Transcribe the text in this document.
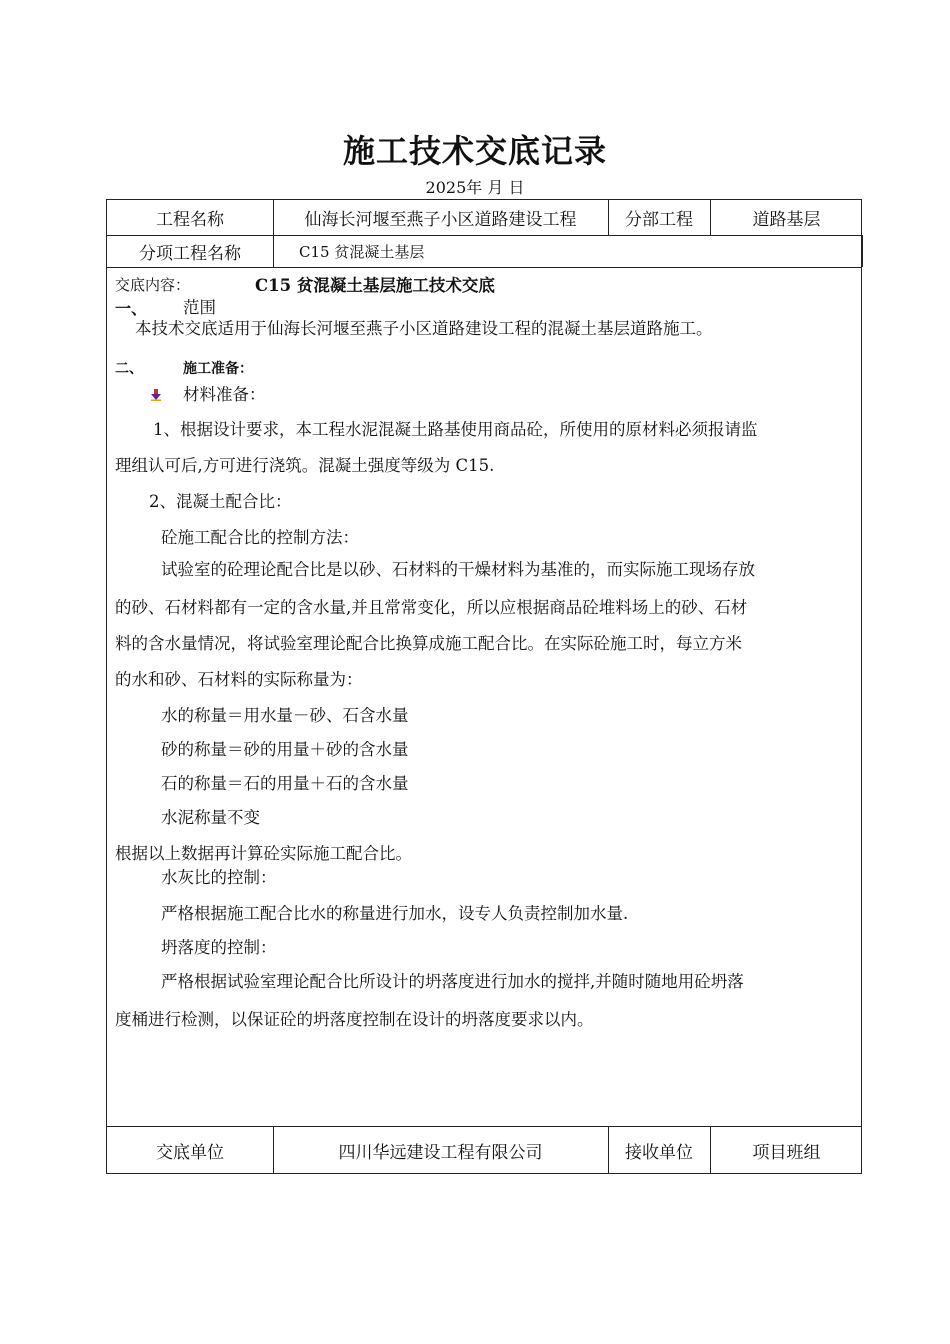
施工技术交底记录
2025年 月 日
工程名称	仙海长河堰至燕子小区道路建设工程	分部工程	道路基层
分项工程名称	C15 贫混凝土基层
交底内容：	C15 贫混凝土基层施工技术交底
一、 范围
本技术交底适用于仙海长河堰至燕子小区道路建设工程的混凝土基层道路施工。
二、	施工准备：
材料准备：
1、根据设计要求，本工程水泥混凝土路基使用商品砼，所使用的原材料必须报请监
理组认可后,方可进行浇筑。混凝土强度等级为 C15.
2、混凝土配合比：
砼施工配合比的控制方法：
试验室的砼理论配合比是以砂、石材料的干燥材料为基准的，而实际施工现场存放
的砂、石材料都有一定的含水量,并且常常变化，所以应根据商品砼堆料场上的砂、石材
料的含水量情况，将试验室理论配合比换算成施工配合比。在实际砼施工时，每立方米
的水和砂、石材料的实际称量为：
水的称量＝用水量－砂、石含水量
砂的称量＝砂的用量＋砂的含水量
石的称量＝石的用量＋石的含水量
水泥称量不变
根据以上数据再计算砼实际施工配合比。
水灰比的控制：
严格根据施工配合比水的称量进行加水，设专人负责控制加水量.
坍落度的控制：
严格根据试验室理论配合比所设计的坍落度进行加水的搅拌,并随时随地用砼坍落
度桶进行检测，以保证砼的坍落度控制在设计的坍落度要求以内。
交底单位	四川华远建设工程有限公司	接收单位	项目班组
